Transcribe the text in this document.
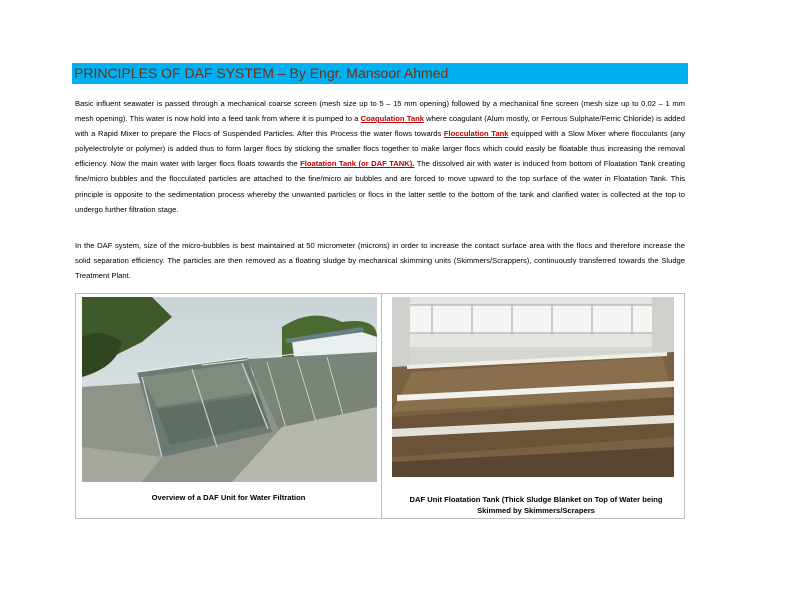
PRINCIPLES OF DAF SYSTEM – By Engr. Mansoor Ahmed

Basic influent seawater is passed through a mechanical coarse screen (mesh size up to 5 – 15 mm opening) followed by a mechanical fine screen (mesh size up to 0.02 – 1 mm mesh opening). This water is now hold into a feed tank from where it is pumped to a Coagulation Tank where coagulant (Alum mostly, or Ferrous Sulphate/Ferric Chloride) is added with a Rapid Mixer to prepare the Flocs of Suspended Particles. After this Process the water flows towards Flocculation Tank equipped with a Slow Mixer where flocculants (any polyelectrolyte or polymer) is added thus to form larger flocs by sticking the smaller flocs together to make larger flocs which could easily be floatable thus increasing the removal efficiency. Now the main water with larger flocs floats towards the Floatation Tank (or DAF TANK). The dissolved air with water is induced from bottom of Floatation Tank creating fine/micro bubbles and the flocculated particles are attached to the fine/micro air bubbles and are forced to move upward to the top surface of the water in Floatation Tank. This principle is opposite to the sedimentation process whereby the unwanted particles or flocs in the latter settle to the bottom of the tank and clarified water is collected at the top to undergo further filtration stage.

In the DAF system, size of the micro-bubbles is best maintained at 50 micrometer (microns) in order to increase the contact surface area with the flocs and therefore increase the solid separation efficiency. The particles are then removed as a floating sludge by mechanical skimming units (Skimmers/Scrappers), continuously transferred towards the Sludge Treatment Plant.

Overview of a DAF Unit for Water Filtration	DAF Unit Floatation Tank (Thick Sludge Blanket on Top of Water being Skimmed by Skimmers/Scrapers
